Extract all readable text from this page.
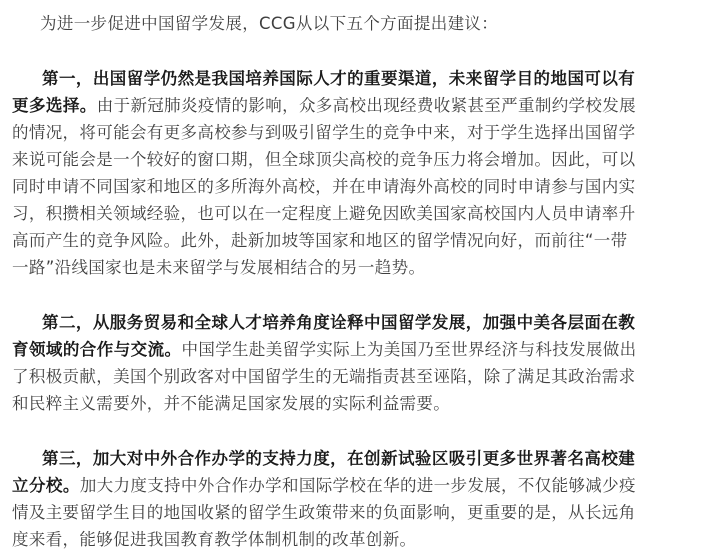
为进一步促进中国留学发展，CCG从以下五个方面提出建议：
第一，出国留学仍然是我国培养国际人才的重要渠道，未来留学目的地国可以有
更多选择。由于新冠肺炎疫情的影响，众多高校出现经费收紧甚至严重制约学校发展
的情况，将可能会有更多高校参与到吸引留学生的竞争中来，对于学生选择出国留学
来说可能会是一个较好的窗口期，但全球顶尖高校的竞争压力将会增加。因此，可以
同时申请不同国家和地区的多所海外高校，并在申请海外高校的同时申请参与国内实
习，积攒相关领域经验，也可以在一定程度上避免因欧美国家高校国内人员申请率升
高而产生的竞争风险。此外，赴新加坡等国家和地区的留学情况向好，而前往“一带
一路”沿线国家也是未来留学与发展相结合的另一趋势。
第二，从服务贸易和全球人才培养角度诠释中国留学发展，加强中美各层面在教
育领域的合作与交流。中国学生赴美留学实际上为美国乃至世界经济与科技发展做出
了积极贡献，美国个别政客对中国留学生的无端指责甚至诬陷，除了满足其政治需求
和民粹主义需要外，并不能满足国家发展的实际利益需要。
第三，加大对中外合作办学的支持力度，在创新试验区吸引更多世界著名高校建
立分校。加大力度支持中外合作办学和国际学校在华的进一步发展，不仅能够减少疫
情及主要留学生目的地国收紧的留学生政策带来的负面影响，更重要的是，从长远角
度来看，能够促进我国教育教学体制机制的改革创新。
